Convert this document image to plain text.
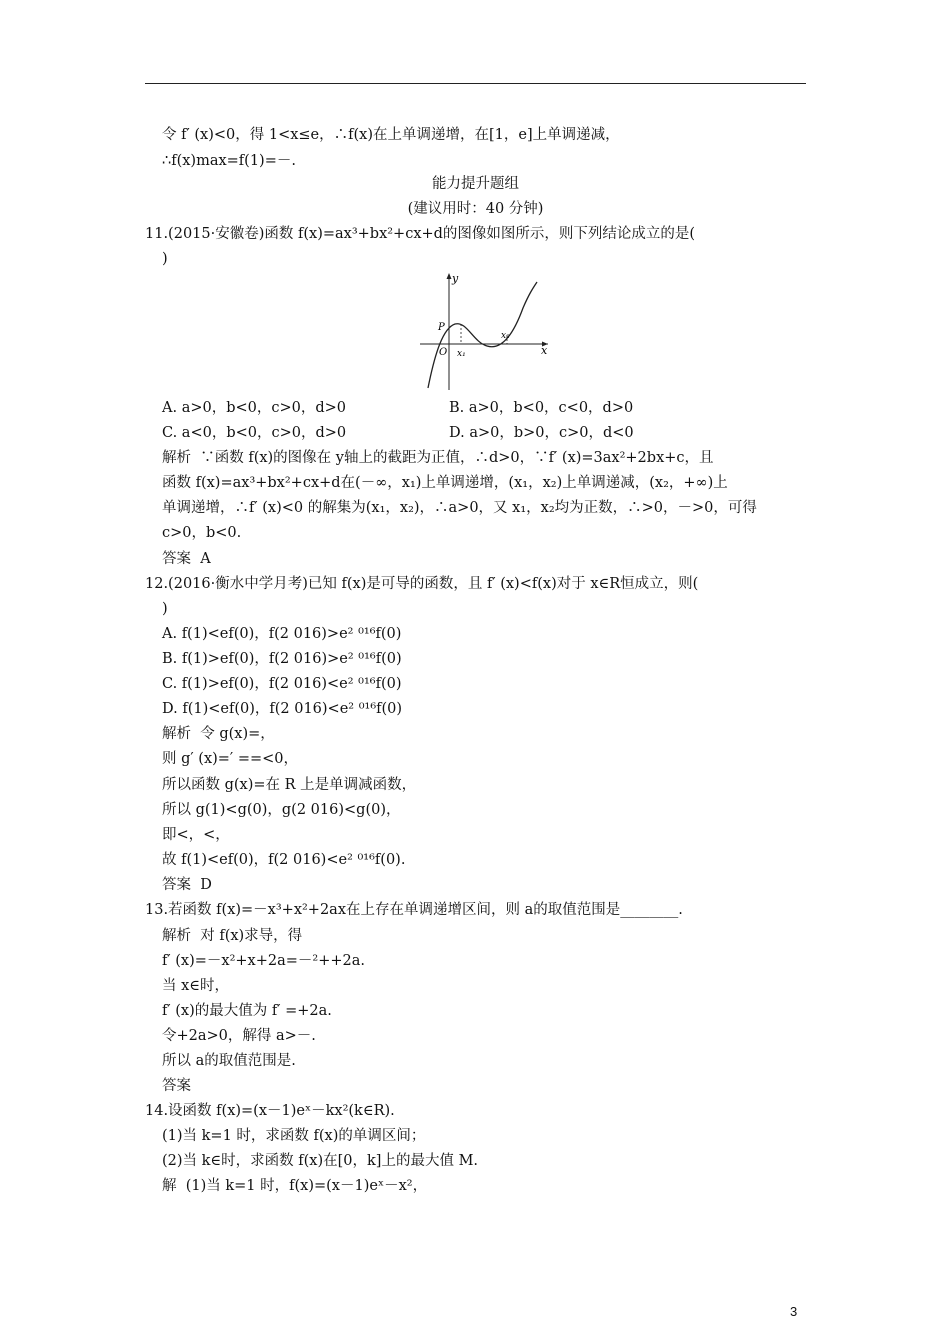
令 f′ (x)<0，得 1<x≤e，∴f(x)在上单调递增，在[1，e]上单调递减，
∴f(x)max=f(1)=－.
能力提升题组
(建议用时：40 分钟)
11.(2015·安徽卷)函数 f(x)=ax³+bx²+cx+d的图像如图所示，则下列结论成立的是(
)
y
x
P
O x₁
x₂
A. a>0，b<0，c>0，d>0	B. a>0，b<0，c<0，d>0
C. a<0，b<0，c>0，d>0	D. a>0，b>0，c>0，d<0
解析  ∵函数 f(x)的图像在 y轴上的截距为正值，∴d>0，∵f′ (x)=3ax²+2bx+c，且
函数 f(x)=ax³+bx²+cx+d在(－∞，x₁)上单调递增，(x₁，x₂)上单调递减，(x₂，+∞)上
单调递增，∴f′ (x)<0 的解集为(x₁，x₂)，∴a>0，又 x₁，x₂均为正数，∴>0，－>0，可得
c>0，b<0.
答案  A
12.(2016·衡水中学月考)已知 f(x)是可导的函数，且 f′ (x)<f(x)对于 x∈R恒成立，则(
)
A. f(1)<ef(0)，f(2 016)>e² ⁰¹⁶f(0)
B. f(1)>ef(0)，f(2 016)>e² ⁰¹⁶f(0)
C. f(1)>ef(0)，f(2 016)<e² ⁰¹⁶f(0)
D. f(1)<ef(0)，f(2 016)<e² ⁰¹⁶f(0)
解析  令 g(x)=，
则 g′ (x)=′ ==<0，
所以函数 g(x)=在 R 上是单调减函数，
所以 g(1)<g(0)，g(2 016)<g(0)，
即<，<，
故 f(1)<ef(0)，f(2 016)<e² ⁰¹⁶f(0).
答案  D
13.若函数 f(x)=－x³+x²+2ax在上存在单调递增区间，则 a的取值范围是________.
解析  对 f(x)求导，得
f′ (x)=－x²+x+2a=－²++2a.
当 x∈时，
f′ (x)的最大值为 f′ =+2a.
令+2a>0，解得 a>－.
所以 a的取值范围是.
答案
14.设函数 f(x)=(x－1)eˣ－kx²(k∈R).
(1)当 k=1 时，求函数 f(x)的单调区间；
(2)当 k∈时，求函数 f(x)在[0，k]上的最大值 M.
解  (1)当 k=1 时，f(x)=(x－1)eˣ－x²，
3
